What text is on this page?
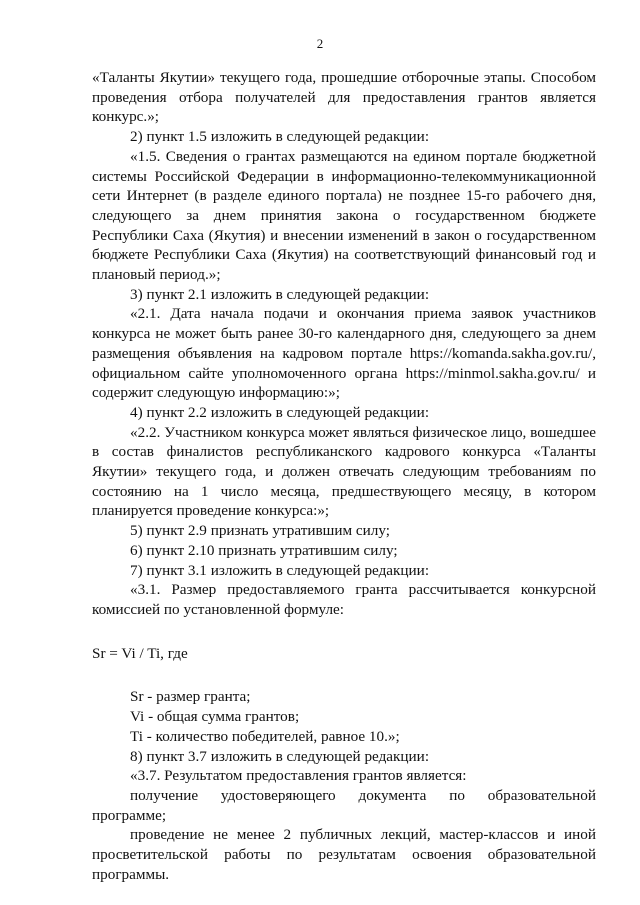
2

«Таланты Якутии» текущего года, прошедшие отборочные этапы. Способом проведения отбора получателей для предоставления грантов является конкурс.»;

2) пункт 1.5 изложить в следующей редакции:

«1.5. Сведения о грантах размещаются на едином портале бюджетной системы Российской Федерации в информационно-телекоммуникационной сети Интернет (в разделе единого портала) не позднее 15-го рабочего дня, следующего за днем принятия закона о государственном бюджете Республики Саха (Якутия) и внесении изменений в закон о государственном бюджете Республики Саха (Якутия) на соответствующий финансовый год и плановый период.»;

3) пункт 2.1 изложить в следующей редакции:

«2.1. Дата начала подачи и окончания приема заявок участников конкурса не может быть ранее 30-го календарного дня, следующего за днем размещения объявления на кадровом портале https://komanda.sakha.gov.ru/, официальном сайте уполномоченного органа https://minmol.sakha.gov.ru/ и содержит следующую информацию:»;

4) пункт 2.2 изложить в следующей редакции:

«2.2. Участником конкурса может являться физическое лицо, вошедшее в состав финалистов республиканского кадрового конкурса «Таланты Якутии» текущего года, и должен отвечать следующим требованиям по состоянию на 1 число месяца, предшествующего месяцу, в котором планируется проведение конкурса:»;

5) пункт 2.9 признать утратившим силу;

6) пункт 2.10 признать утратившим силу;

7) пункт 3.1 изложить в следующей редакции:

«3.1. Размер предоставляемого гранта рассчитывается конкурсной комиссией по установленной формуле:

Sr = Vi / Ti, где

Sr - размер гранта;

Vi - общая сумма грантов;

Ti - количество победителей, равное 10.»;

8) пункт 3.7 изложить в следующей редакции:

«3.7. Результатом предоставления грантов является:

получение удостоверяющего документа по образовательной программе;

проведение не менее 2 публичных лекций, мастер-классов и иной просветительской работы по результатам освоения образовательной программы.
